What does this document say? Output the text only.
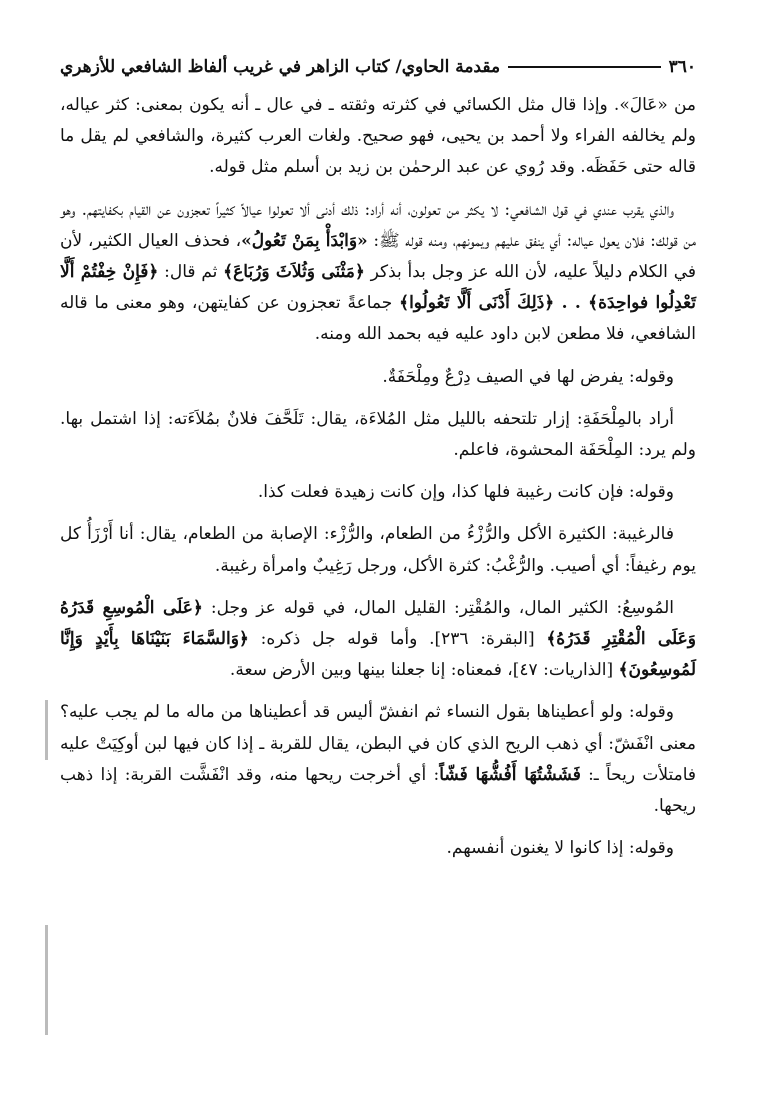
٣٦٠
مقدمة الحاوي/ كتاب الزاهر في غريب ألفاظ الشافعي للأزهري

من «عَالَ». وإذا قال مثل الكسائي في كثرته وثقته ـ في عال ـ أنه يكون بمعنى: كثر عياله، ولم يخالفه الفراء ولا أحمد بن يحيى، فهو صحيح. ولغات العرب كثيرة، والشافعي لم يقل ما قاله حتى حَفَظَه. وقد رُوي عن عبد الرحمٰن بن زيد بن أسلم مثل قوله.

والذي يقرب عندي في قول الشافعي: لا يكثر من تعولون، أنه أراد: ذلك أدنى ألا تعولوا عيالاً كثيراً تعجزون عن القيام بكفايتهم. وهو من قولك: فلان يعول عياله: أي ينفق عليهم ويمونهم، ومنه قوله ﷺ: «وَابْدَأْ بِمَنْ تَعُولُ»، فحذف العيال الكثير، لأن في الكلام دليلاً عليه، لأن الله عز وجل بدأ بذكر ﴿مَثْنَى وَثُلاَثَ وَرُبَاعَ﴾ ثم قال: ﴿فَإِنْ خِفْتُمْ أَلَّا تَعْدِلُوا فواحِدَة﴾ . . ﴿ذَلِكَ أَدْنَى أَلَّا تَعُولُوا﴾ جماعةً تعجزون عن كفايتهن، وهو معنى ما قاله الشافعي، فلا مطعن لابن داود عليه فيه بحمد الله ومنه.

وقوله: يفرض لها في الصيف دِرْعٌ ومِلْحَفَةٌ.

أراد بالمِلْحَفَةِ: إزار تلتحفه بالليل مثل المُلاءَة، يقال: تَلَحَّفَ فلانٌ بمُلاَءَته: إذا اشتمل بها. ولم يرد: المِلْحَفَة المحشوة، فاعلم.

وقوله: فإن كانت رغيبة فلها كذا، وإن كانت زهيدة فعلت كذا.

فالرغيبة: الكثيرة الأكل والرُّزْءُ من الطعام، والرُّزْء: الإصابة من الطعام، يقال: أنا أَرْزَأُ كل يوم رغيفاً: أي أصيب. والرُّغْبُ: كثرة الأكل، ورجل رَغِيبٌ وامرأة رغيبة.

المُوسِعُ: الكثير المال، والمُقْتِر: القليل المال، في قوله عز وجل: ﴿عَلَى الْمُوسِعِ قَدَرُهُ وَعَلَى الْمُقْتِرِ قَدَرُهُ﴾ [البقرة: ٢٣٦]. وأما قوله جل ذكره: ﴿وَالسَّمَاءَ بَنَيْنَاهَا بِأَيْدٍ وَإِنَّا لَمُوسِعُونَ﴾ [الذاريات: ٤٧]، فمعناه: إنا جعلنا بينها وبين الأرض سعة.

وقوله: ولو أعطيناها بقول النساء ثم انفشّ أليس قد أعطيناها من ماله ما لم يجب عليه؟ معنى انْفَشّ: أي ذهب الريح الذي كان في البطن، يقال للقربة ـ إذا كان فيها لبن أوكِيَتْ عليه فامتلأت ريحاً ـ: فَشَشْتُهَا أَفُشُّهَا فَشّاً: أي أخرجت ريحها منه، وقد انْفَشَّت القربة: إذا ذهب ريحها.

وقوله: إذا كانوا لا يغنون أنفسهم.
